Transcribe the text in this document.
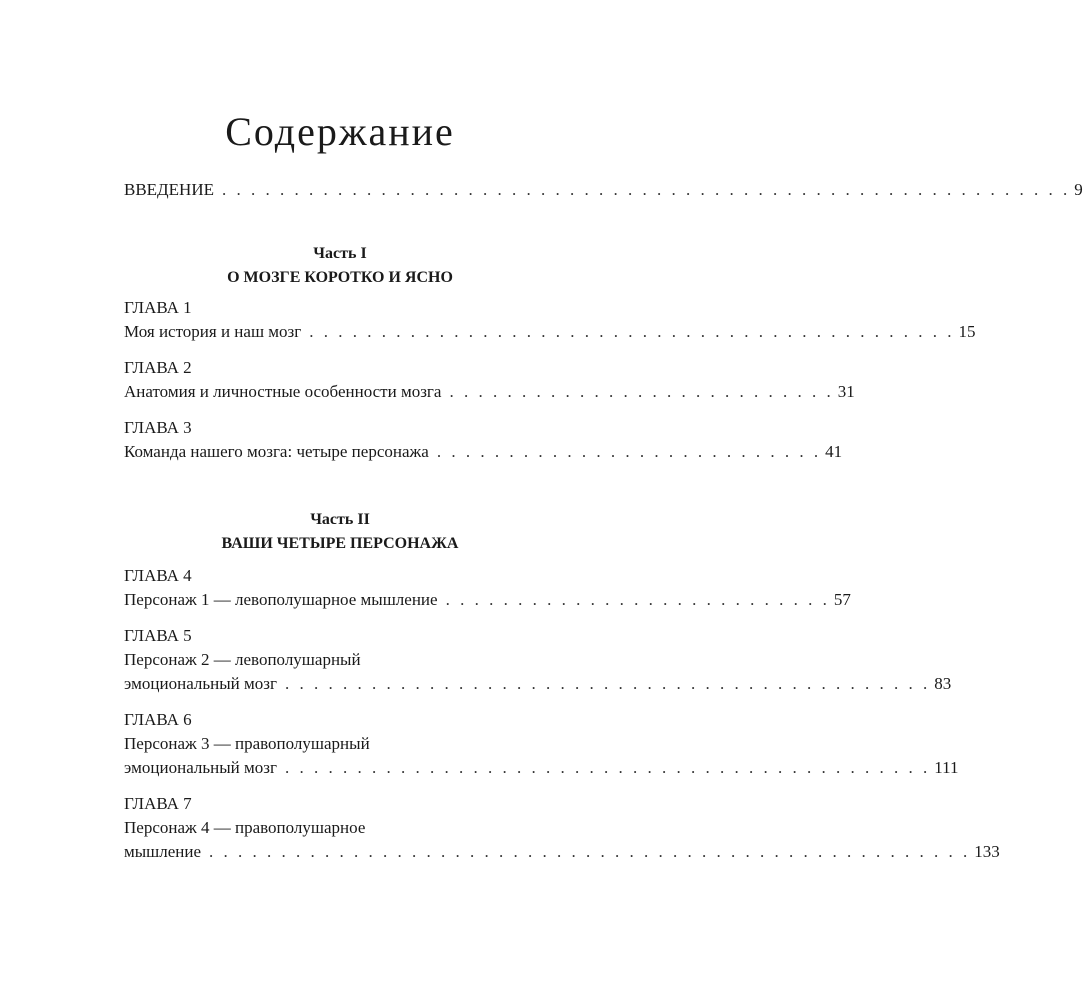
Содержание
ВВЕДЕНИЕ . . . . . . . . . . . . . . . . . . . . . . . . . . . . . . . . . . . . . . . . . . . . . . . . . . . . . . . . . . . 9
Часть I
О МОЗГЕ КОРОТКО И ЯСНО
ГЛАВА 1
Моя история и наш мозг . . . . . . . . . . . . . . . . . . . . . . . . . . . . . . . . . . . . . . . . . . . . . 15
ГЛАВА 2
Анатомия и личностные особенности мозга . . . . . . . . . . . . . . . . . . . . . . . . . . . 31
ГЛАВА 3
Команда нашего мозга: четыре персонажа . . . . . . . . . . . . . . . . . . . . . . . . . . . 41
Часть II
ВАШИ ЧЕТЫРЕ ПЕРСОНАЖА
ГЛАВА 4
Персонаж 1 — левополушарное мышление . . . . . . . . . . . . . . . . . . . . . . . . . . . 57
ГЛАВА 5
Персонаж 2 — левополушарный
эмоциональный мозг . . . . . . . . . . . . . . . . . . . . . . . . . . . . . . . . . . . . . . . . . . . . . 83
ГЛАВА 6
Персонаж 3 — правополушарный
эмоциональный мозг . . . . . . . . . . . . . . . . . . . . . . . . . . . . . . . . . . . . . . . . . . . . . 111
ГЛАВА 7
Персонаж 4 — правополушарное
мышление . . . . . . . . . . . . . . . . . . . . . . . . . . . . . . . . . . . . . . . . . . . . . . . . . . . . . 133
